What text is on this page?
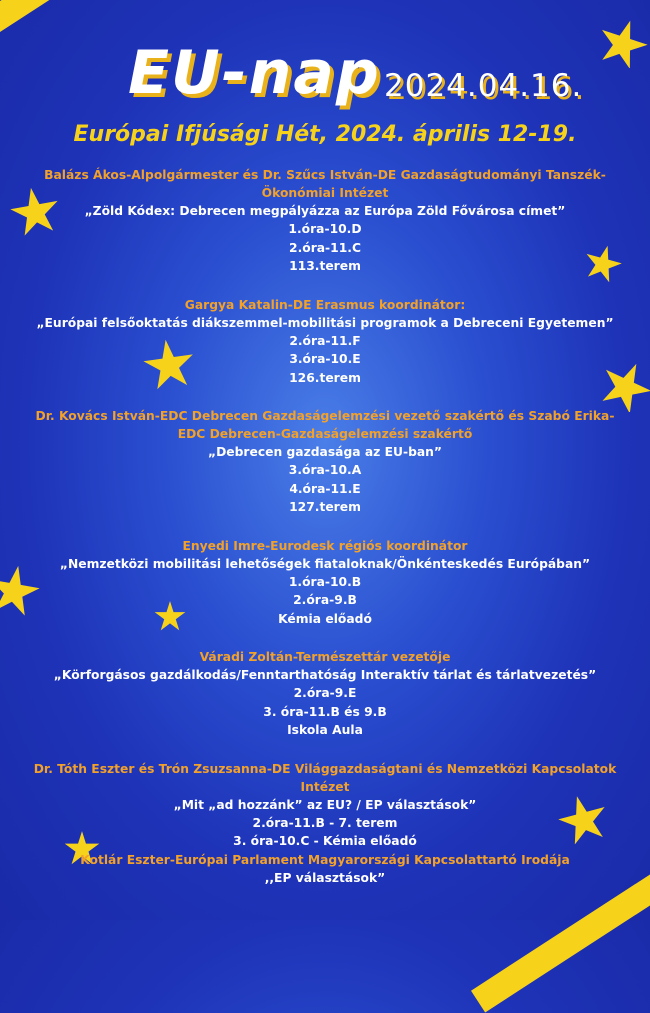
EU-nap 2024.04.16.
Európai Ifjúsági Hét, 2024. április 12-19.
Balázs Ákos-Alpolgármester és Dr. Szűcs István-DE Gazdaságtudományi Tanszék-Ökonómiai Intézet
„Zöld Kódex: Debrecen megpályázza az Európa Zöld Fővárosa címet”
1.óra-10.D
2.óra-11.C
113.terem
Gargya Katalin-DE Erasmus koordinátor:
„Európai felsőoktatás diákszemmel-mobilitási programok a Debreceni Egyetemen”
2.óra-11.F
3.óra-10.E
126.terem
Dr. Kovács István-EDC Debrecen Gazdaságelemzési vezető szakértő és Szabó Erika-EDC Debrecen-Gazdaságelemzési szakértő
„Debrecen gazdasága az EU-ban”
3.óra-10.A
4.óra-11.E
127.terem
Enyedi Imre-Eurodesk régiós koordinátor
„Nemzetközi mobilitási lehetőségek fiataloknak/Önkénteskedés Európában”
1.óra-10.B
2.óra-9.B
Kémia előadó
Váradi Zoltán-Természettár vezetője
„Körforgásos gazdálkodás/Fenntarthatóság Interaktív tárlat és tárlatvezetés”
2.óra-9.E
3. óra-11.B és 9.B
Iskola Aula
Dr. Tóth Eszter és Trón Zsuzsanna-DE Világgazdaságtani és Nemzetközi Kapcsolatok Intézet
„Mit „ad hozzánk” az EU? / EP választások”
2.óra-11.B - 7. terem
3. óra-10.C - Kémia előadó
Kotlár Eszter-Európai Parlament Magyarországi Kapcsolattartó Irodája
,,EP választások”
